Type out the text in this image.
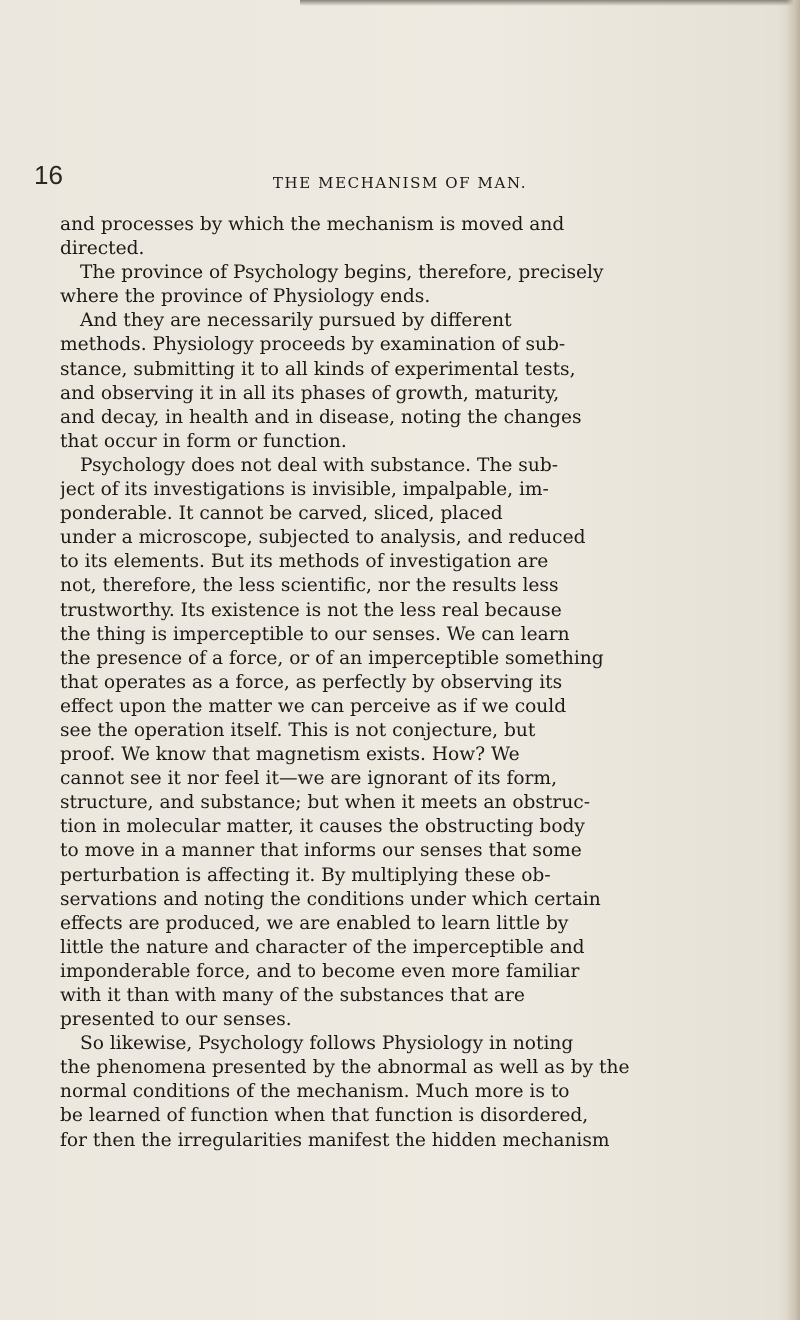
16	THE MECHANISM OF MAN.
and processes by which the mechanism is moved and
directed.
The province of Psychology begins, therefore, precisely
where the province of Physiology ends.
And they are necessarily pursued by different
methods. Physiology proceeds by examination of sub-
stance, submitting it to all kinds of experimental tests,
and observing it in all its phases of growth, maturity,
and decay, in health and in disease, noting the changes
that occur in form or function.
Psychology does not deal with substance. The sub-
ject of its investigations is invisible, impalpable, im-
ponderable. It cannot be carved, sliced, placed
under a microscope, subjected to analysis, and reduced
to its elements. But its methods of investigation are
not, therefore, the less scientific, nor the results less
trustworthy. Its existence is not the less real because
the thing is imperceptible to our senses. We can learn
the presence of a force, or of an imperceptible something
that operates as a force, as perfectly by observing its
effect upon the matter we can perceive as if we could
see the operation itself. This is not conjecture, but
proof. We know that magnetism exists. How? We
cannot see it nor feel it—we are ignorant of its form,
structure, and substance; but when it meets an obstruc-
tion in molecular matter, it causes the obstructing body
to move in a manner that informs our senses that some
perturbation is affecting it. By multiplying these ob-
servations and noting the conditions under which certain
effects are produced, we are enabled to learn little by
little the nature and character of the imperceptible and
imponderable force, and to become even more familiar
with it than with many of the substances that are
presented to our senses.
So likewise, Psychology follows Physiology in noting
the phenomena presented by the abnormal as well as by the
normal conditions of the mechanism. Much more is to
be learned of function when that function is disordered,
for then the irregularities manifest the hidden mechanism
